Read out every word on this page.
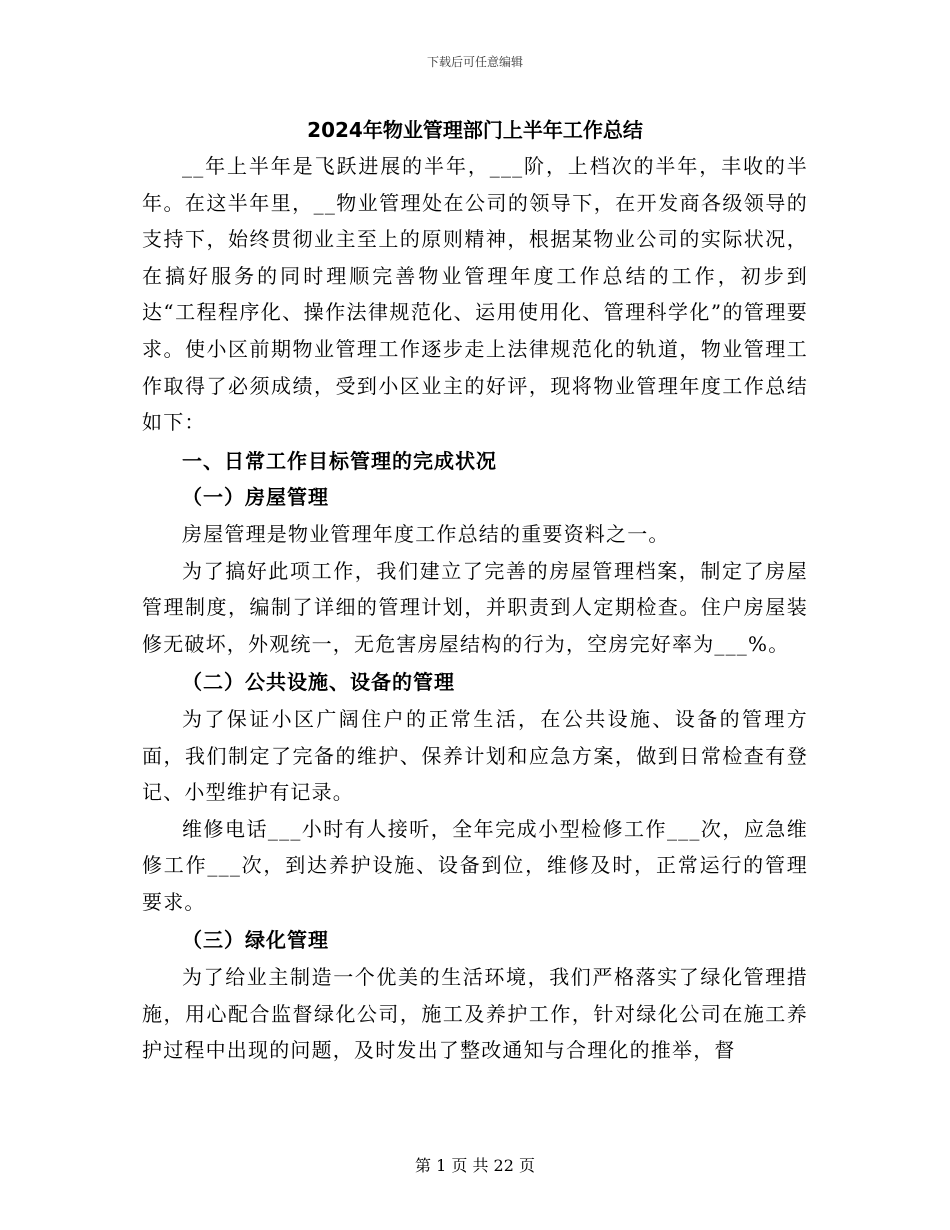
下载后可任意编辑
2024年物业管理部门上半年工作总结

__年上半年是飞跃进展的半年，___阶，上档次的半年，丰收的半年。在这半年里，__物业管理处在公司的领导下，在开发商各级领导的支持下，始终贯彻业主至上的原则精神，根据某物业公司的实际状况，在搞好服务的同时理顺完善物业管理年度工作总结的工作，初步到达“工程程序化、操作法律规范化、运用使用化、管理科学化”的管理要求。使小区前期物业管理工作逐步走上法律规范化的轨道，物业管理工作取得了必须成绩，受到小区业主的好评，现将物业管理年度工作总结如下：

一、日常工作目标管理的完成状况

（一）房屋管理

房屋管理是物业管理年度工作总结的重要资料之一。

为了搞好此项工作，我们建立了完善的房屋管理档案，制定了房屋管理制度，编制了详细的管理计划，并职责到人定期检查。住户房屋装修无破坏，外观统一，无危害房屋结构的行为，空房完好率为___%。

（二）公共设施、设备的管理

为了保证小区广阔住户的正常生活，在公共设施、设备的管理方面，我们制定了完备的维护、保养计划和应急方案，做到日常检查有登记、小型维护有记录。

维修电话___小时有人接听，全年完成小型检修工作___次，应急维修工作___次，到达养护设施、设备到位，维修及时，正常运行的管理要求。

（三）绿化管理

为了给业主制造一个优美的生活环境，我们严格落实了绿化管理措施，用心配合监督绿化公司，施工及养护工作，针对绿化公司在施工养护过程中出现的问题，及时发出了整改通知与合理化的推举，督

第 1 页 共 22 页
